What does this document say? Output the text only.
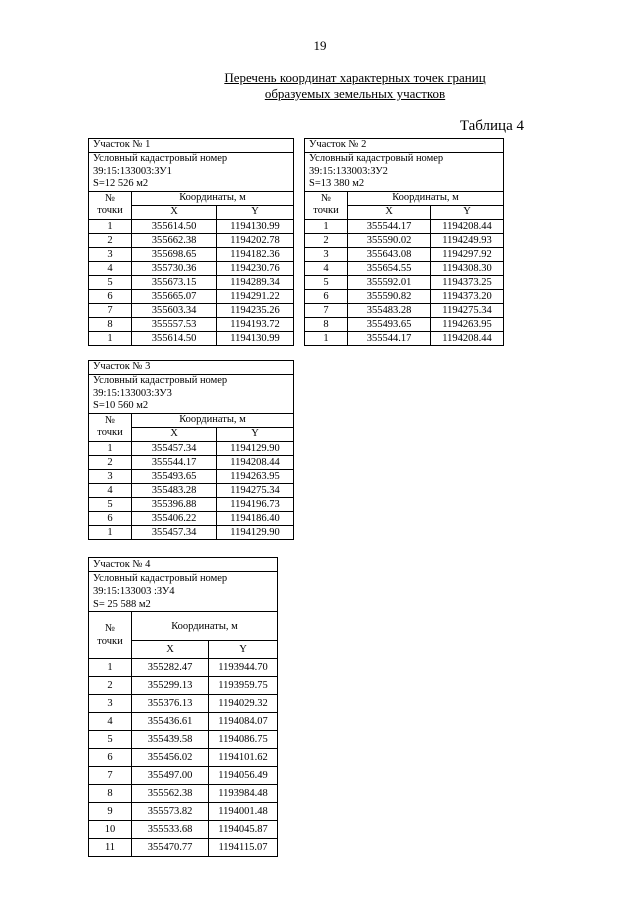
19
Перечень координат характерных точек границ
образуемых земельных участков
Таблица 4
Участок № 1		

Условный кадастровый номер
39:15:133003:ЗУ1
S=12 526 м2		

№
точки	Координаты, м	
	X	Y
1	355614.50	1194130.99
2	355662.38	1194202.78
3	355698.65	1194182.36
4	355730.36	1194230.76
5	355673.15	1194289.34
6	355665.07	1194291.22
7	355603.34	1194235.26
8	355557.53	1194193.72
1	355614.50	1194130.99
Участок № 2		

Условный кадастровый номер
39:15:133003:ЗУ2
S=13 380 м2		

№
точки	Координаты, м	
	X	Y
1	355544.17	1194208.44
2	355590.02	1194249.93
3	355643.08	1194297.92
4	355654.55	1194308.30
5	355592.01	1194373.25
6	355590.82	1194373.20
7	355483.28	1194275.34
8	355493.65	1194263.95
1	355544.17	1194208.44
Участок № 3		

Условный кадастровый номер
39:15:133003:ЗУ3
S=10 560 м2		

№
точки	Координаты, м	
	X	Y
1	355457.34	1194129.90
2	355544.17	1194208.44
3	355493.65	1194263.95
4	355483.28	1194275.34
5	355396.88	1194196.73
6	355406.22	1194186.40
1	355457.34	1194129.90
Участок № 4		

Условный кадастровый номер
39:15:133003 :ЗУ4
S= 25 588 м2		

№
точки	Координаты, м	
	X	Y
1	355282.47	1193944.70
2	355299.13	1193959.75
3	355376.13	1194029.32
4	355436.61	1194084.07
5	355439.58	1194086.75
6	355456.02	1194101.62
7	355497.00	1194056.49
8	355562.38	1193984.48
9	355573.82	1194001.48
10	355533.68	1194045.87
11	355470.77	1194115.07
